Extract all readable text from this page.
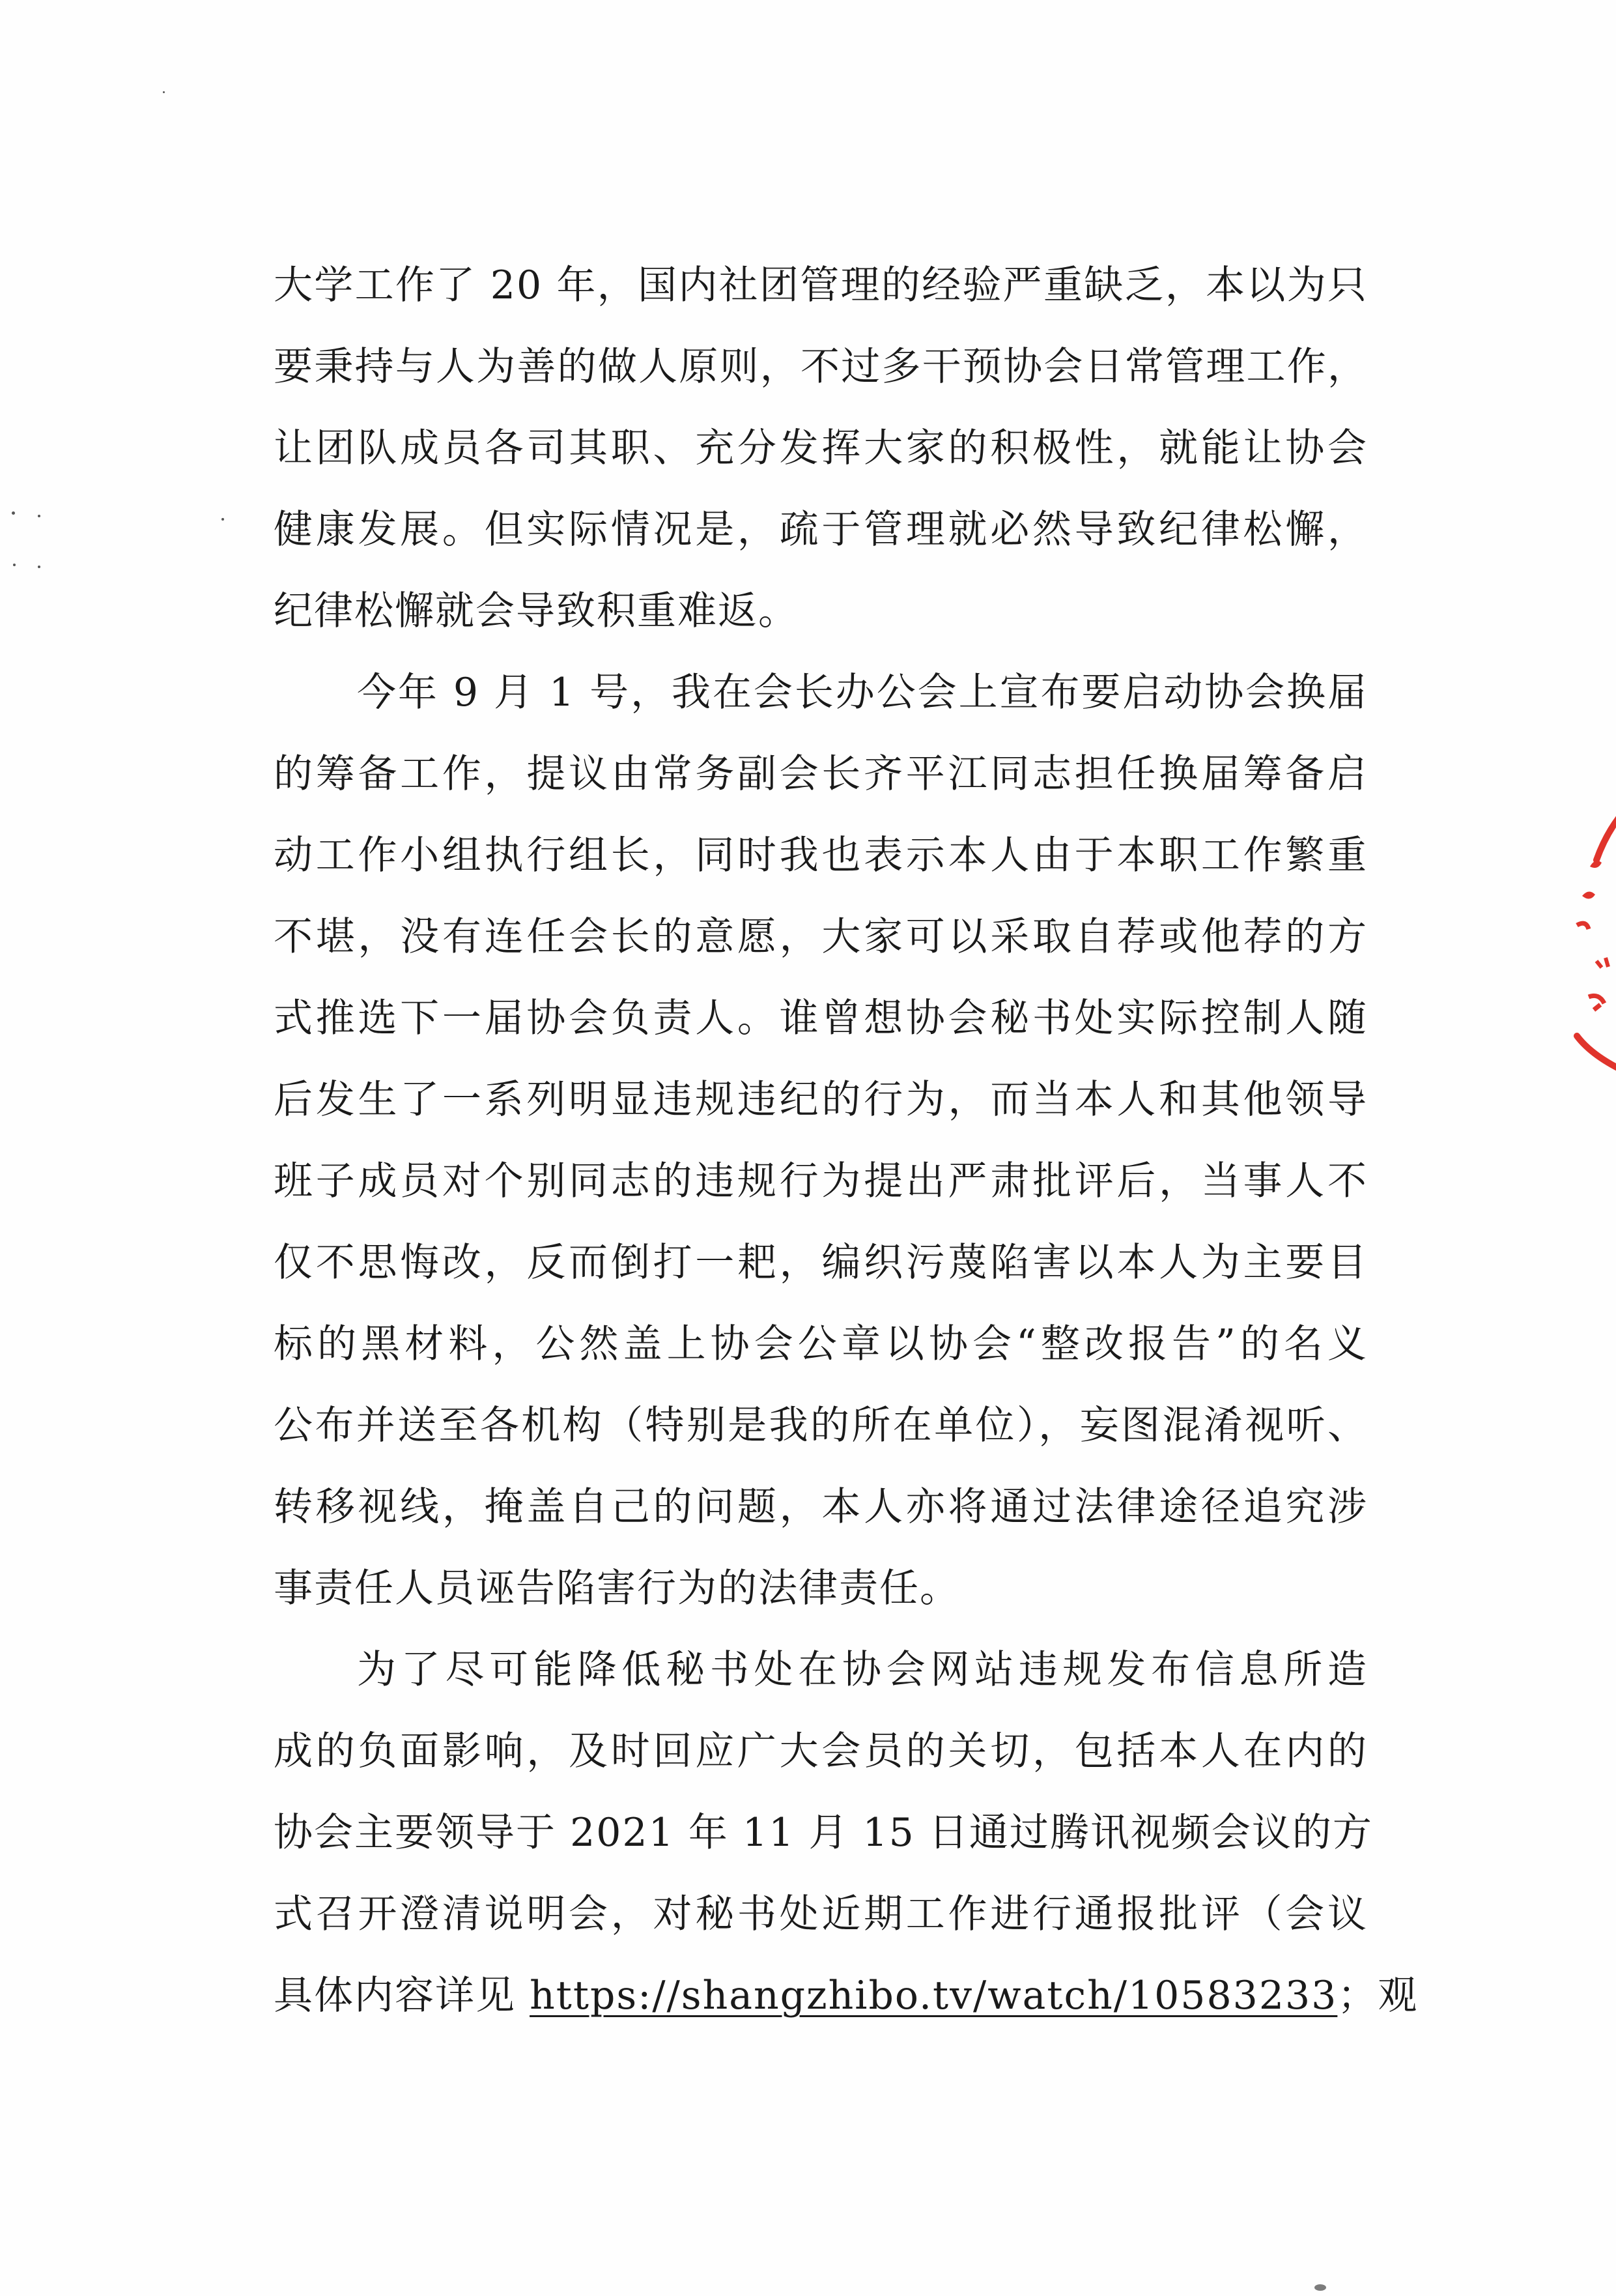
大学工作了 20 年，国内社团管理的经验严重缺乏，本以为只
要秉持与人为善的做人原则，不过多干预协会日常管理工作，
让团队成员各司其职、充分发挥大家的积极性，就能让协会
健康发展。但实际情况是，疏于管理就必然导致纪律松懈，
纪律松懈就会导致积重难返。
今年 9 月 1 号，我在会长办公会上宣布要启动协会换届
的筹备工作，提议由常务副会长齐平江同志担任换届筹备启
动工作小组执行组长，同时我也表示本人由于本职工作繁重
不堪，没有连任会长的意愿，大家可以采取自荐或他荐的方
式推选下一届协会负责人。谁曾想协会秘书处实际控制人随
后发生了一系列明显违规违纪的行为，而当本人和其他领导
班子成员对个别同志的违规行为提出严肃批评后，当事人不
仅不思悔改，反而倒打一耙，编织污蔑陷害以本人为主要目
标的黑材料，公然盖上协会公章以协会“整改报告”的名义
公布并送至各机构（特别是我的所在单位），妄图混淆视听、
转移视线，掩盖自己的问题，本人亦将通过法律途径追究涉
事责任人员诬告陷害行为的法律责任。
为了尽可能降低秘书处在协会网站违规发布信息所造
成的负面影响，及时回应广大会员的关切，包括本人在内的
协会主要领导于 2021 年 11 月 15 日通过腾讯视频会议的方
式召开澄清说明会，对秘书处近期工作进行通报批评（会议
具体内容详见 https://shangzhibo.tv/watch/10583233；观
